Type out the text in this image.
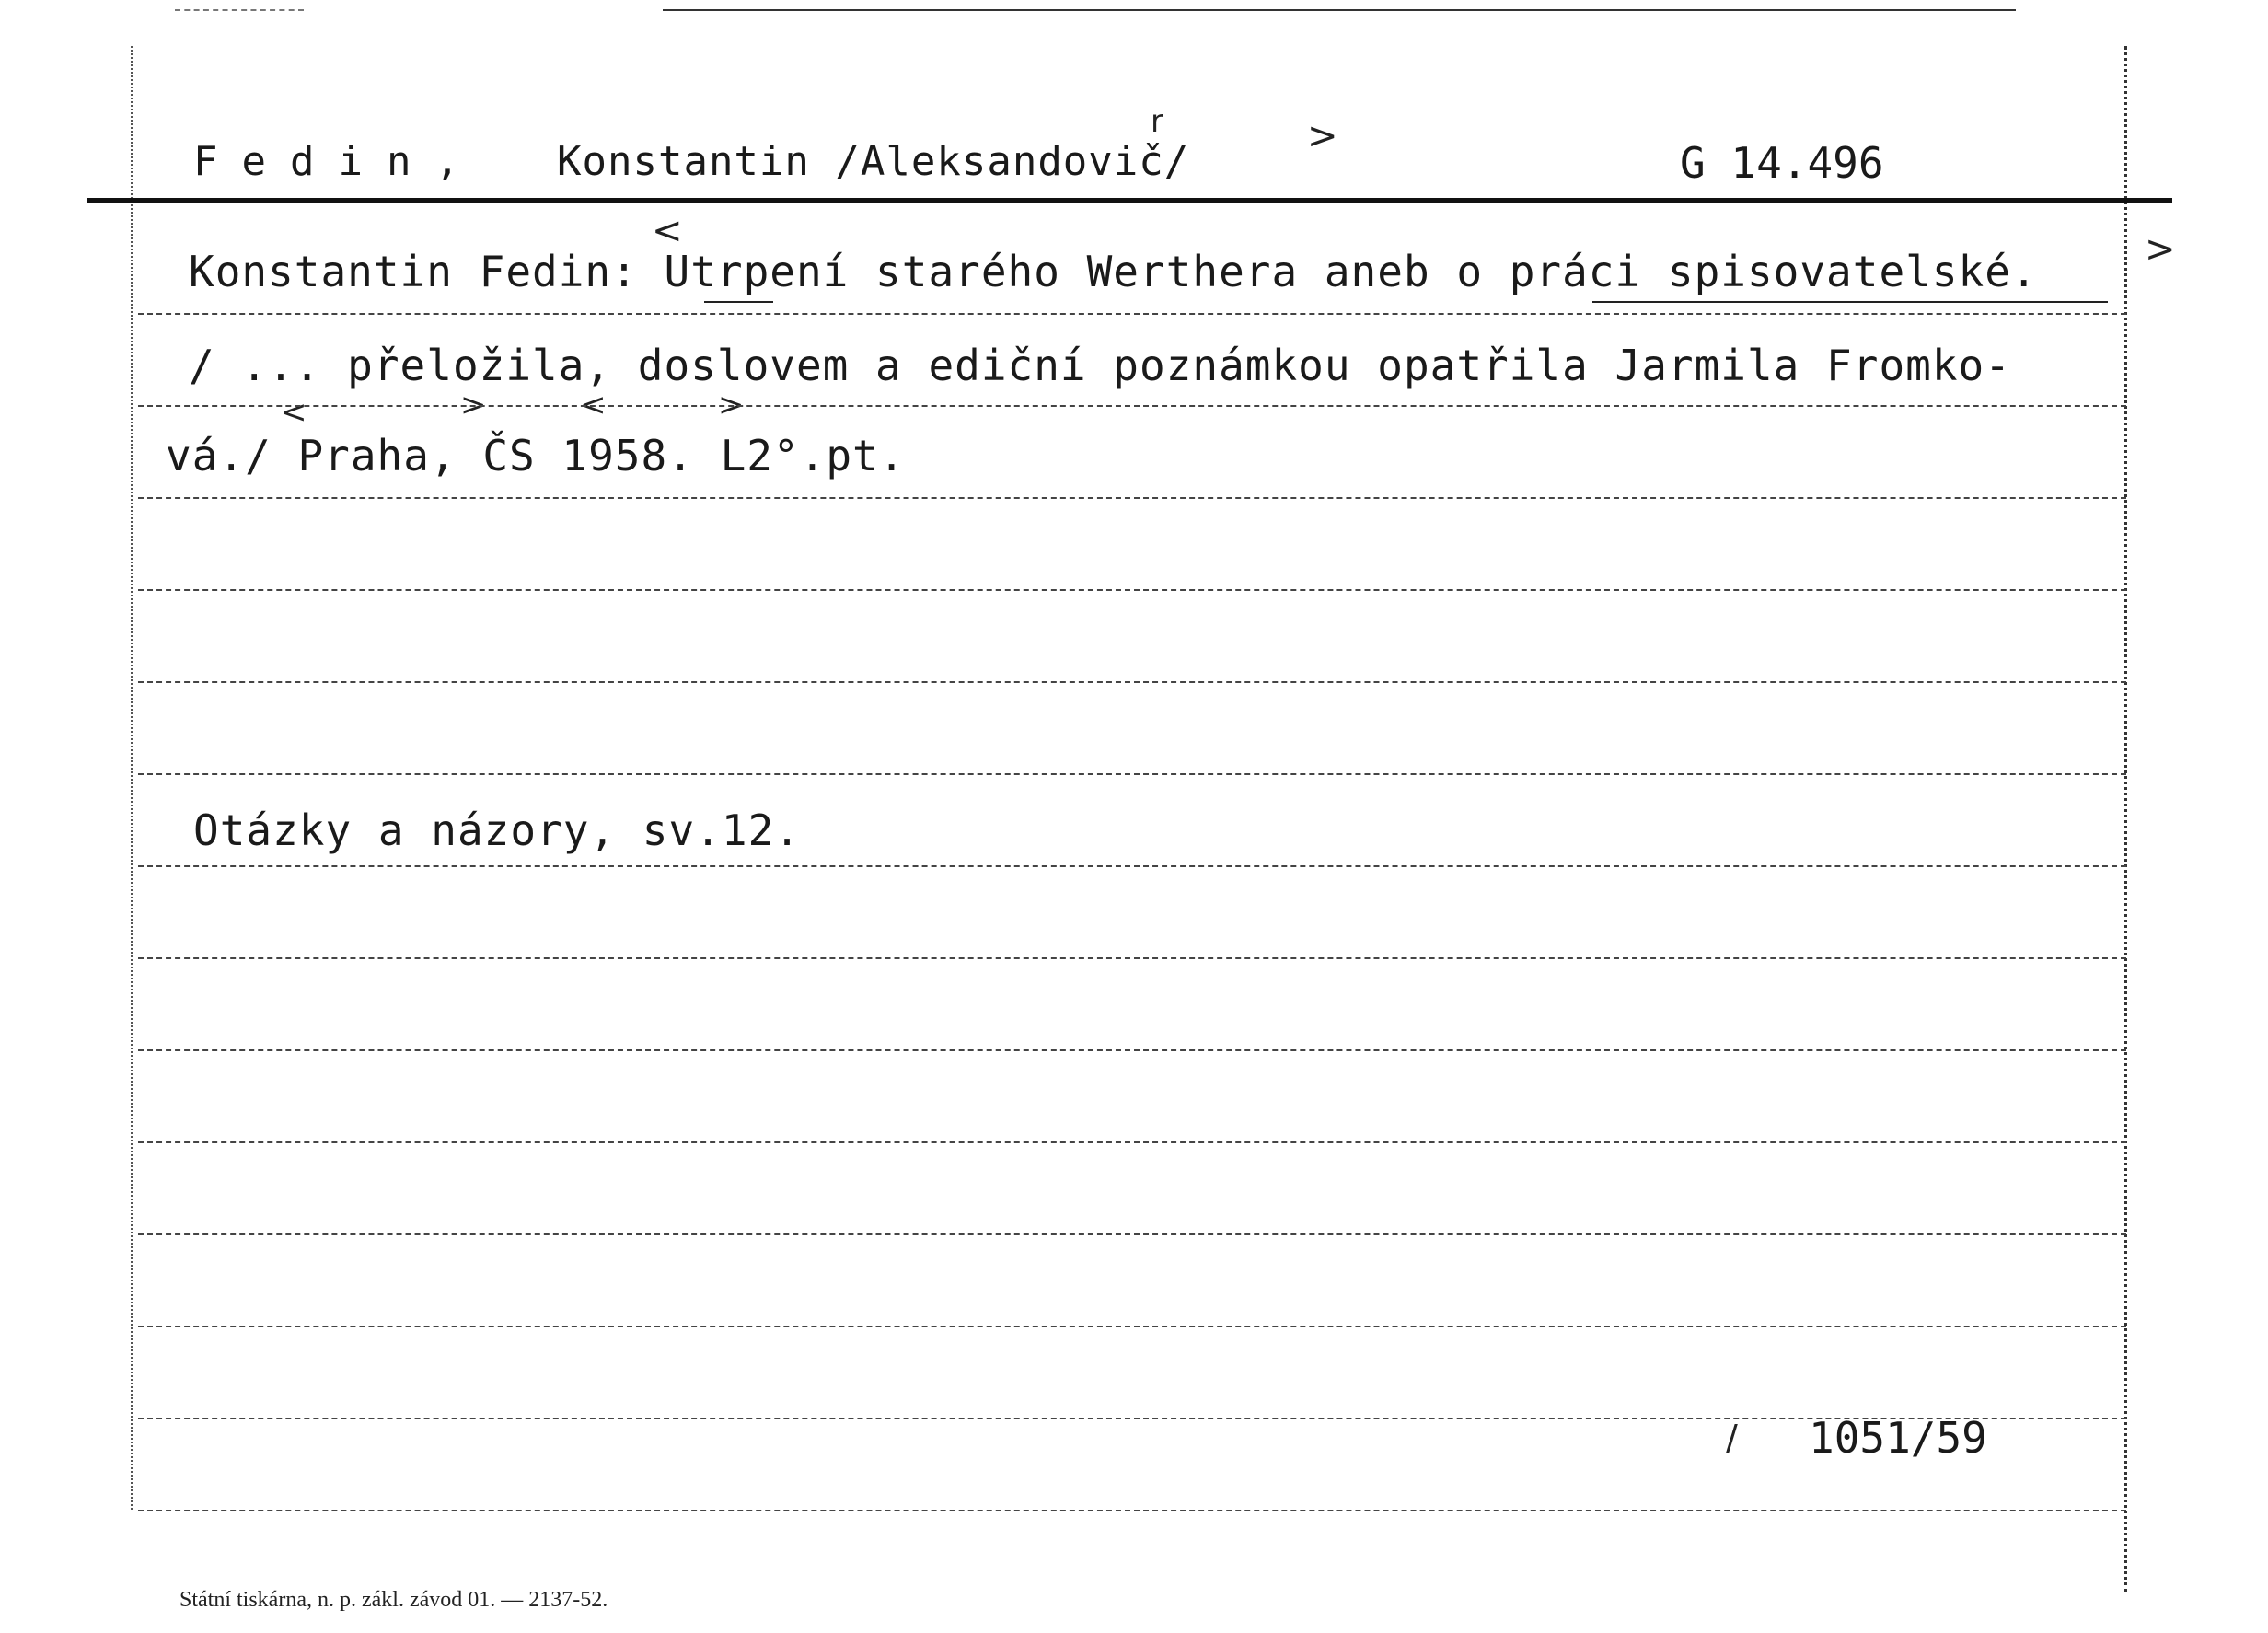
Fedin, Konstantin /Aleksandovič/
r	>
G 14.496
Konstantin Fedin: Utrpení starého Werthera aneb o práci spisovatelské.
<	>
/ ... přeložila, doslovem a ediční poznámkou opatřila Jarmila Fromko-
<	>	<	>
vá./ Praha, ČS 1958. L2°.pt.
Otázky a názory, sv.12.
/ 1051/59
Státní tiskárna, n. p. zákl. závod 01. — 2137-52.
